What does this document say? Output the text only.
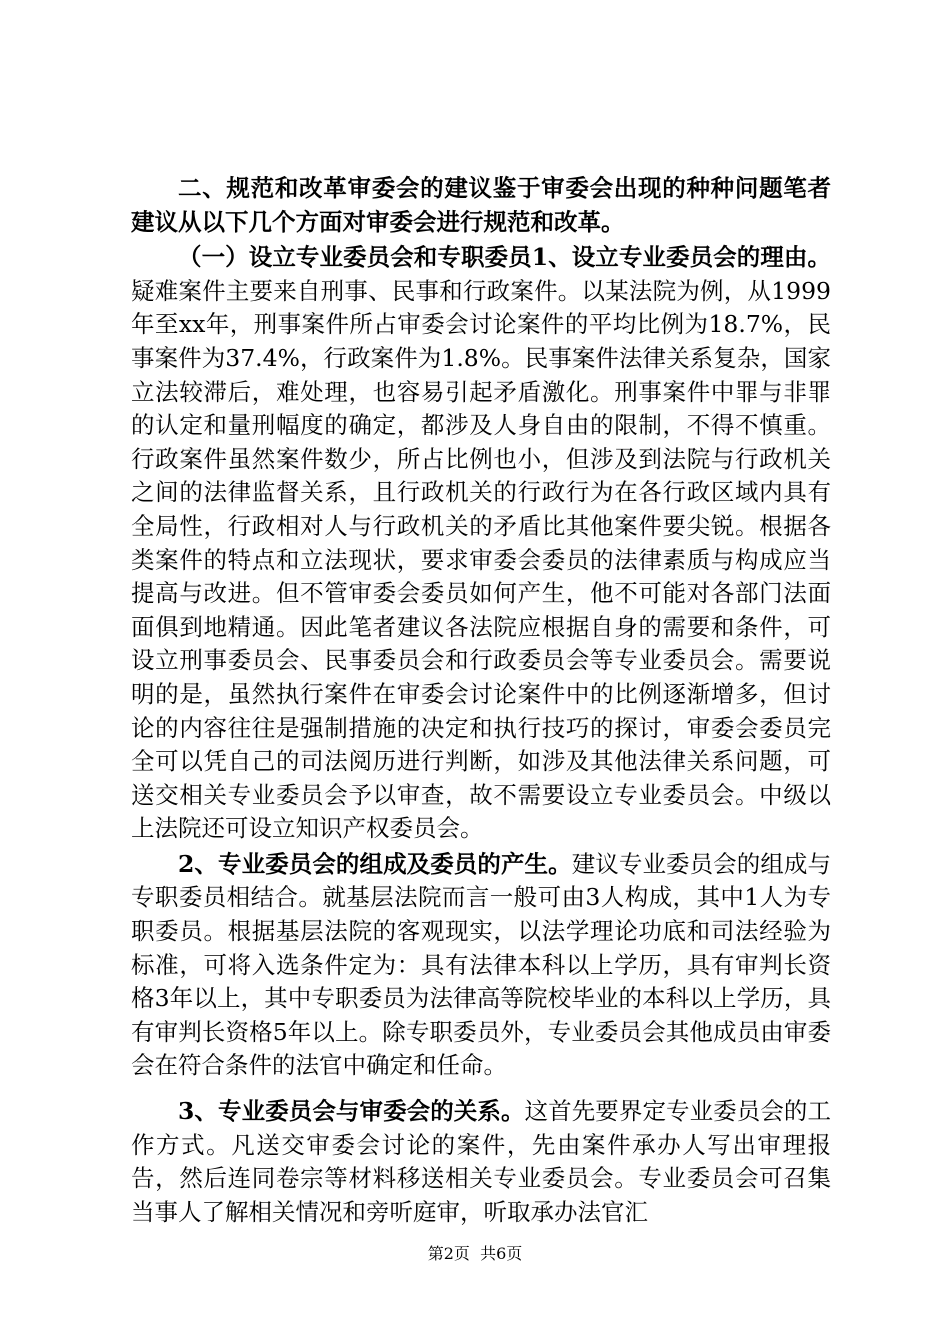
二、规范和改革审委会的建议鉴于审委会出现的种种问题笔者建议从以下几个方面对审委会进行规范和改革。

（一）设立专业委员会和专职委员1、设立专业委员会的理由。疑难案件主要来自刑事、民事和行政案件。以某法院为例，从1999年至xx年，刑事案件所占审委会讨论案件的平均比例为18.7%，民事案件为37.4%，行政案件为1.8%。民事案件法律关系复杂，国家立法较滞后，难处理，也容易引起矛盾激化。刑事案件中罪与非罪的认定和量刑幅度的确定，都涉及人身自由的限制，不得不慎重。行政案件虽然案件数少，所占比例也小，但涉及到法院与行政机关之间的法律监督关系，且行政机关的行政行为在各行政区域内具有全局性，行政相对人与行政机关的矛盾比其他案件要尖锐。根据各类案件的特点和立法现状，要求审委会委员的法律素质与构成应当提高与改进。但不管审委会委员如何产生，他不可能对各部门法面面俱到地精通。因此笔者建议各法院应根据自身的需要和条件，可设立刑事委员会、民事委员会和行政委员会等专业委员会。需要说明的是，虽然执行案件在审委会讨论案件中的比例逐渐增多，但讨论的内容往往是强制措施的决定和执行技巧的探讨，审委会委员完全可以凭自己的司法阅历进行判断，如涉及其他法律关系问题，可送交相关专业委员会予以审查，故不需要设立专业委员会。中级以上法院还可设立知识产权委员会。

2、专业委员会的组成及委员的产生。建议专业委员会的组成与专职委员相结合。就基层法院而言一般可由3人构成，其中1人为专职委员。根据基层法院的客观现实，以法学理论功底和司法经验为标准，可将入选条件定为：具有法律本科以上学历，具有审判长资格3年以上，其中专职委员为法律高等院校毕业的本科以上学历，具有审判长资格5年以上。除专职委员外，专业委员会其他成员由审委会在符合条件的法官中确定和任命。

3、专业委员会与审委会的关系。这首先要界定专业委员会的工作方式。凡送交审委会讨论的案件，先由案件承办人写出审理报告，然后连同卷宗等材料移送相关专业委员会。专业委员会可召集当事人了解相关情况和旁听庭审，听取承办法官汇

第2页  共6页
